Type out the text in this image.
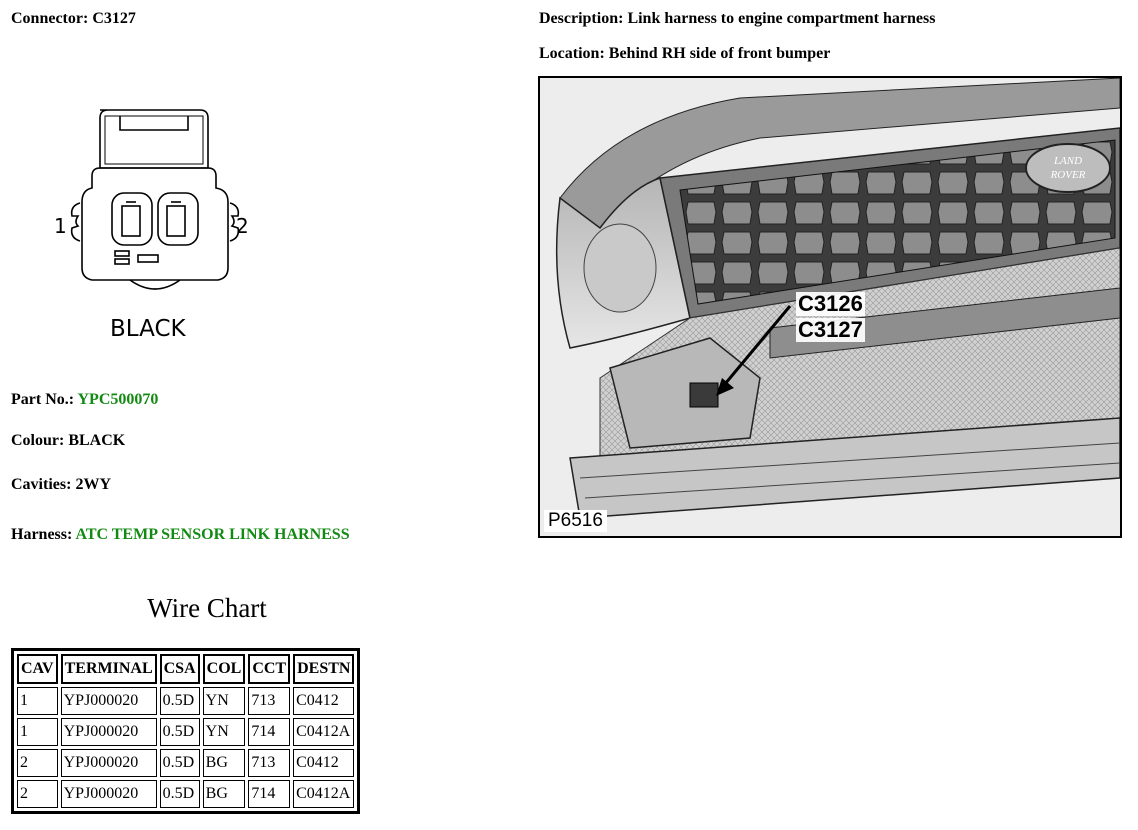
Connector: C3127	Description: Link harness to engine compartment harness
Location: Behind RH side of front bumper
1	2
BLACK
Part No.: YPC500070
Colour: BLACK
Cavities: 2WY
Harness: ATC TEMP SENSOR LINK HARNESS
Wire Chart
CAV	TERMINAL	CSA	COL	CCT	DESTN
1	YPJ000020	0.5D	YN	713	C0412
1	YPJ000020	0.5D	YN	714	C0412A
2	YPJ000020	0.5D	BG	713	C0412
2	YPJ000020	0.5D	BG	714	C0412A
LAND
ROVER
C3126
C3127
P6516
